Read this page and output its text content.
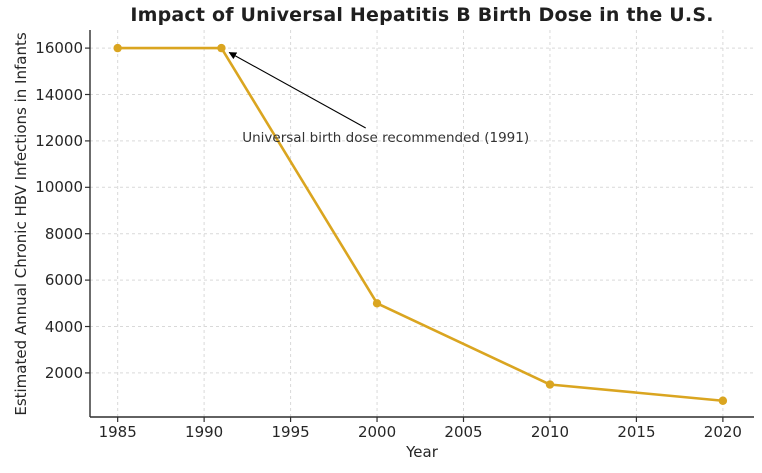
Impact of Universal Hepatitis B Birth Dose in the U.S.
Estimated Annual Chronic HBV Infections in Infants
Year
Universal birth dose recommended (1991)
1985	1990	1995	2000	2005	2010	2015	2020
2000
4000
6000
8000
10000
12000
14000
16000
